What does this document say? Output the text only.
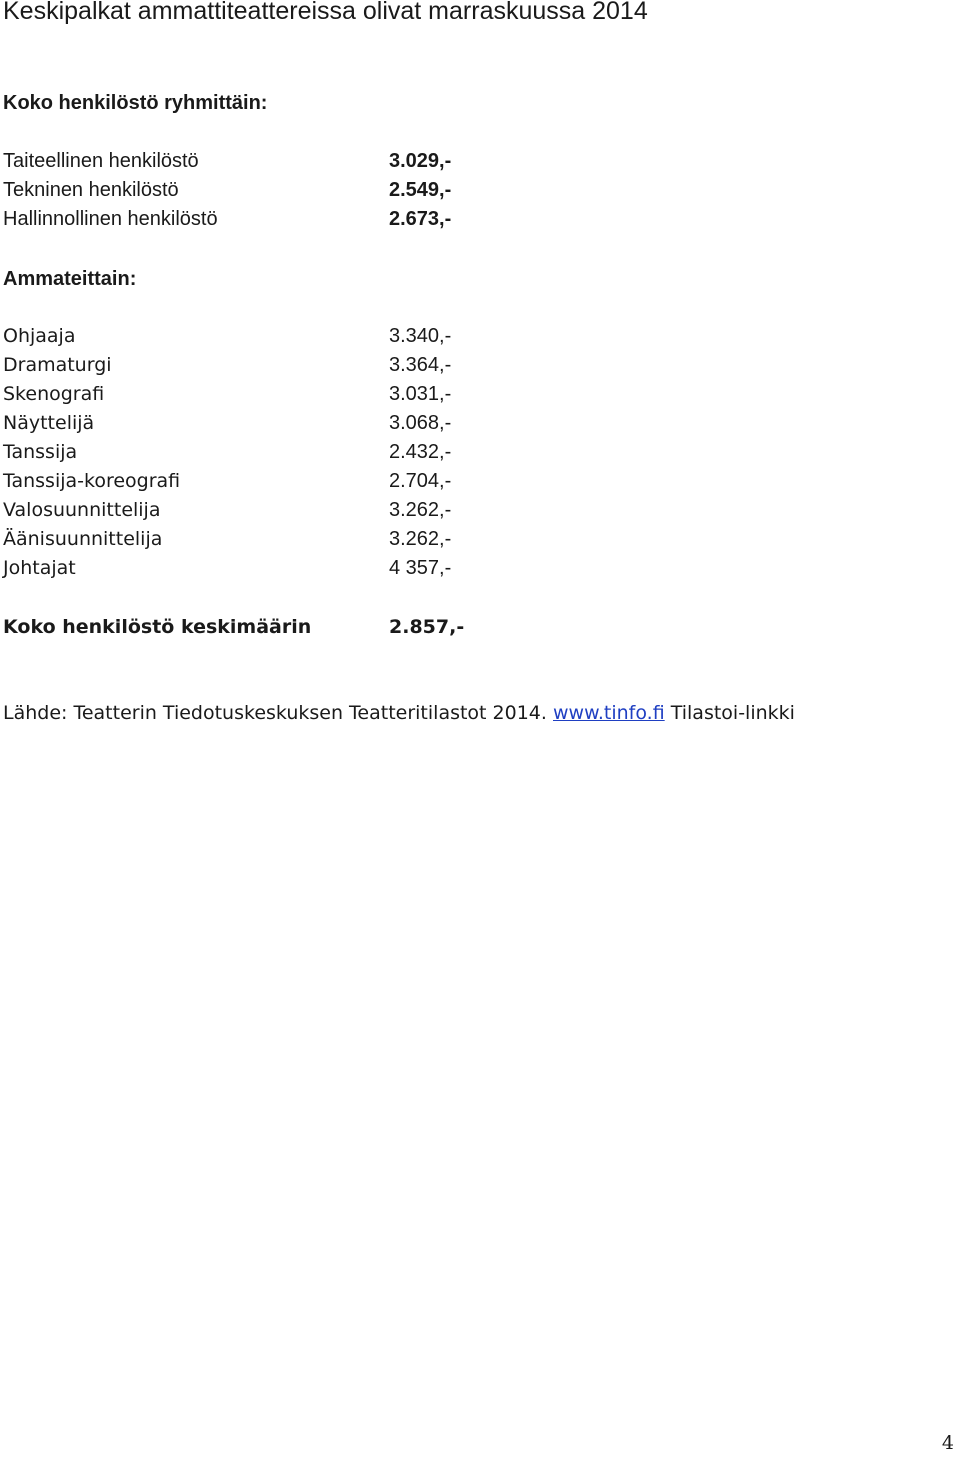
Keskipalkat ammattiteattereissa olivat marraskuussa 2014
Koko henkilöstö ryhmittäin:
Taiteellinen henkilöstö	3.029,-
Tekninen henkilöstö	2.549,-
Hallinnollinen henkilöstö	2.673,-
Ammateittain:
Ohjaaja	3.340,-
Dramaturgi	3.364,-
Skenografi	3.031,-
Näyttelijä	3.068,-
Tanssija	2.432,-
Tanssija-koreografi	2.704,-
Valosuunnittelija	3.262,-
Äänisuunnittelija	3.262,-
Johtajat	4 357,-
Koko henkilöstö keskimäärin	2.857,-
Lähde: Teatterin Tiedotuskeskuksen Teatteritilastot 2014. www.tinfo.fi Tilastoi-linkki
4
